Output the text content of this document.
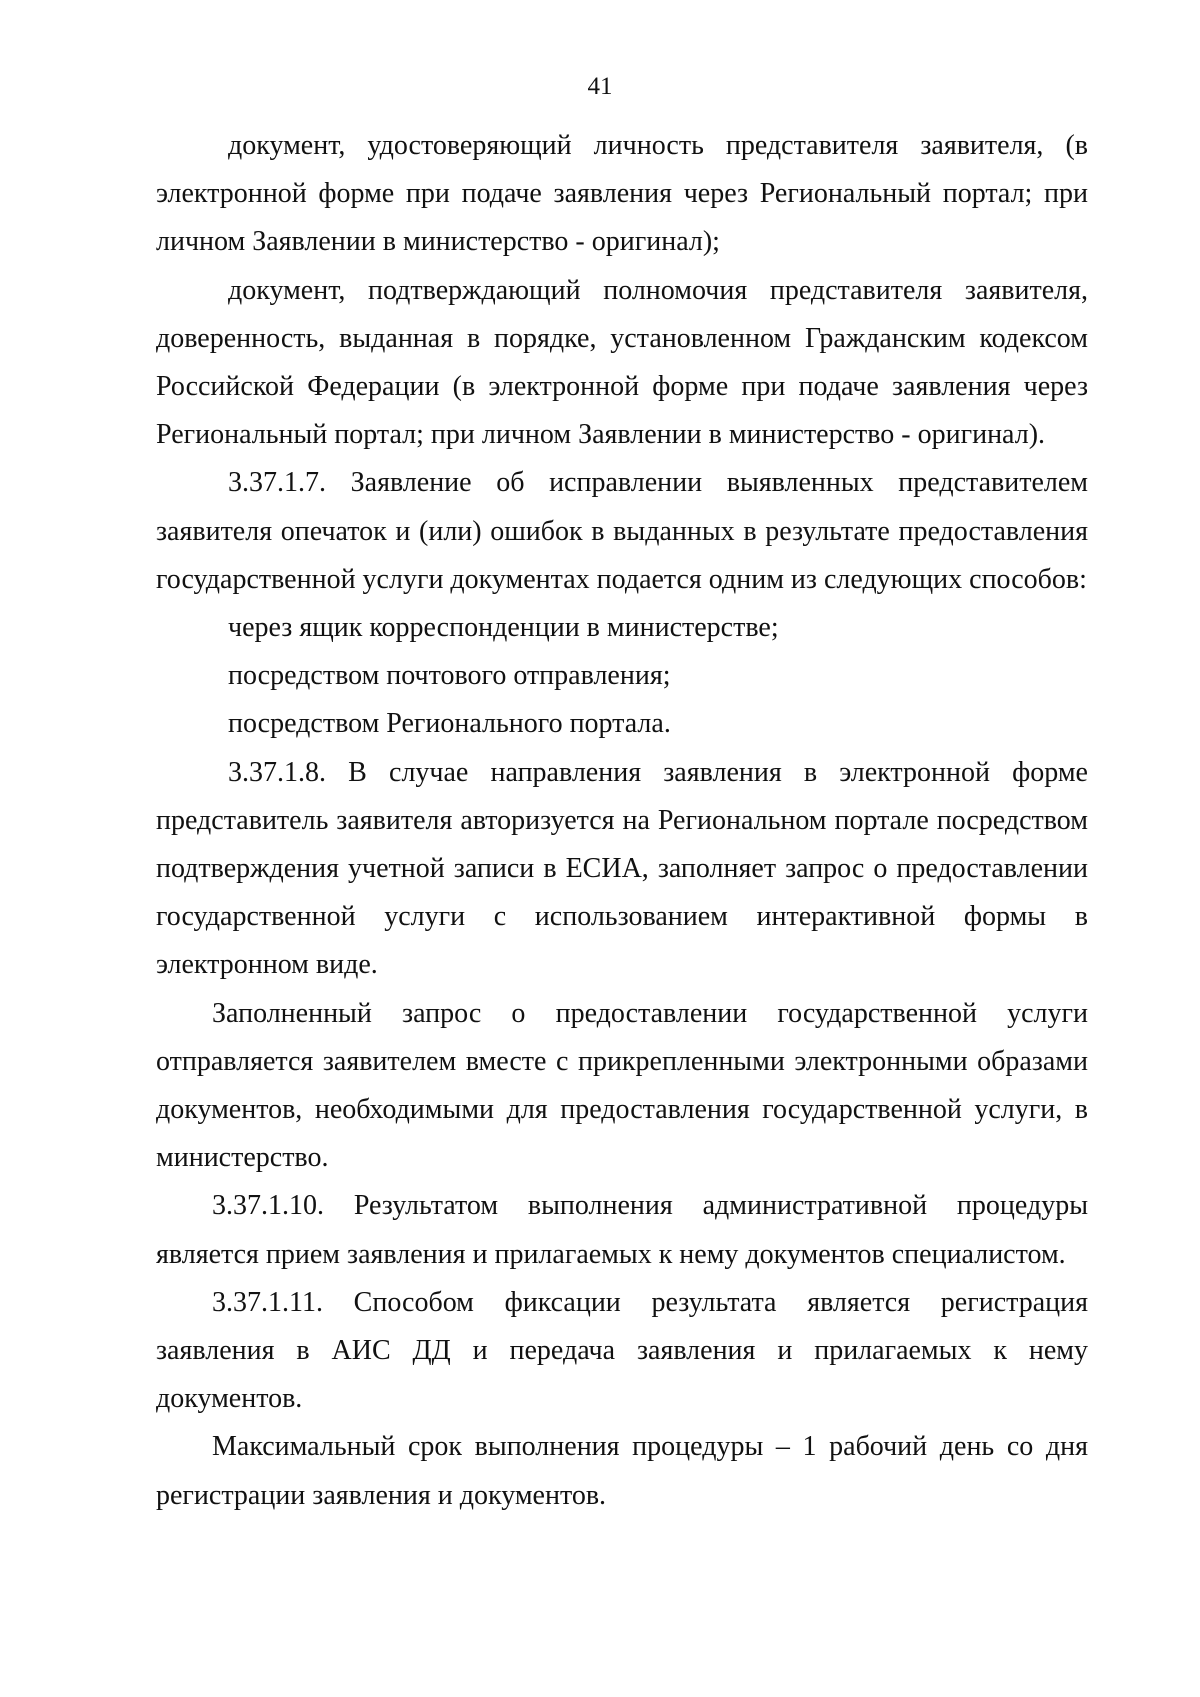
41

документ, удостоверяющий личность представителя заявителя, (в электронной форме при подаче заявления через Региональный портал; при личном Заявлении в министерство - оригинал);

документ, подтверждающий полномочия представителя заявителя, доверенность, выданная в порядке, установленном Гражданским кодексом Российской Федерации (в электронной форме при подаче заявления через Региональный портал; при личном Заявлении в министерство - оригинал).

3.37.1.7. Заявление об исправлении выявленных представителем заявителя опечаток и (или) ошибок в выданных в результате предоставления государственной услуги документах подается одним из следующих способов:

через ящик корреспонденции в министерстве;

посредством почтового отправления;

посредством Регионального портала.

3.37.1.8. В случае направления заявления в электронной форме представитель заявителя авторизуется на Региональном портале посредством подтверждения учетной записи в ЕСИА, заполняет запрос о предоставлении государственной услуги с использованием интерактивной формы в электронном виде.

Заполненный запрос о предоставлении государственной услуги отправляется заявителем вместе с прикрепленными электронными образами документов, необходимыми для предоставления государственной услуги, в министерство.

3.37.1.10. Результатом выполнения административной процедуры является прием заявления и прилагаемых к нему документов специалистом.

3.37.1.11. Способом фиксации результата является регистрация заявления в АИС ДД и передача заявления и прилагаемых к нему документов.

Максимальный срок выполнения процедуры – 1 рабочий день со дня регистрации заявления и документов.
